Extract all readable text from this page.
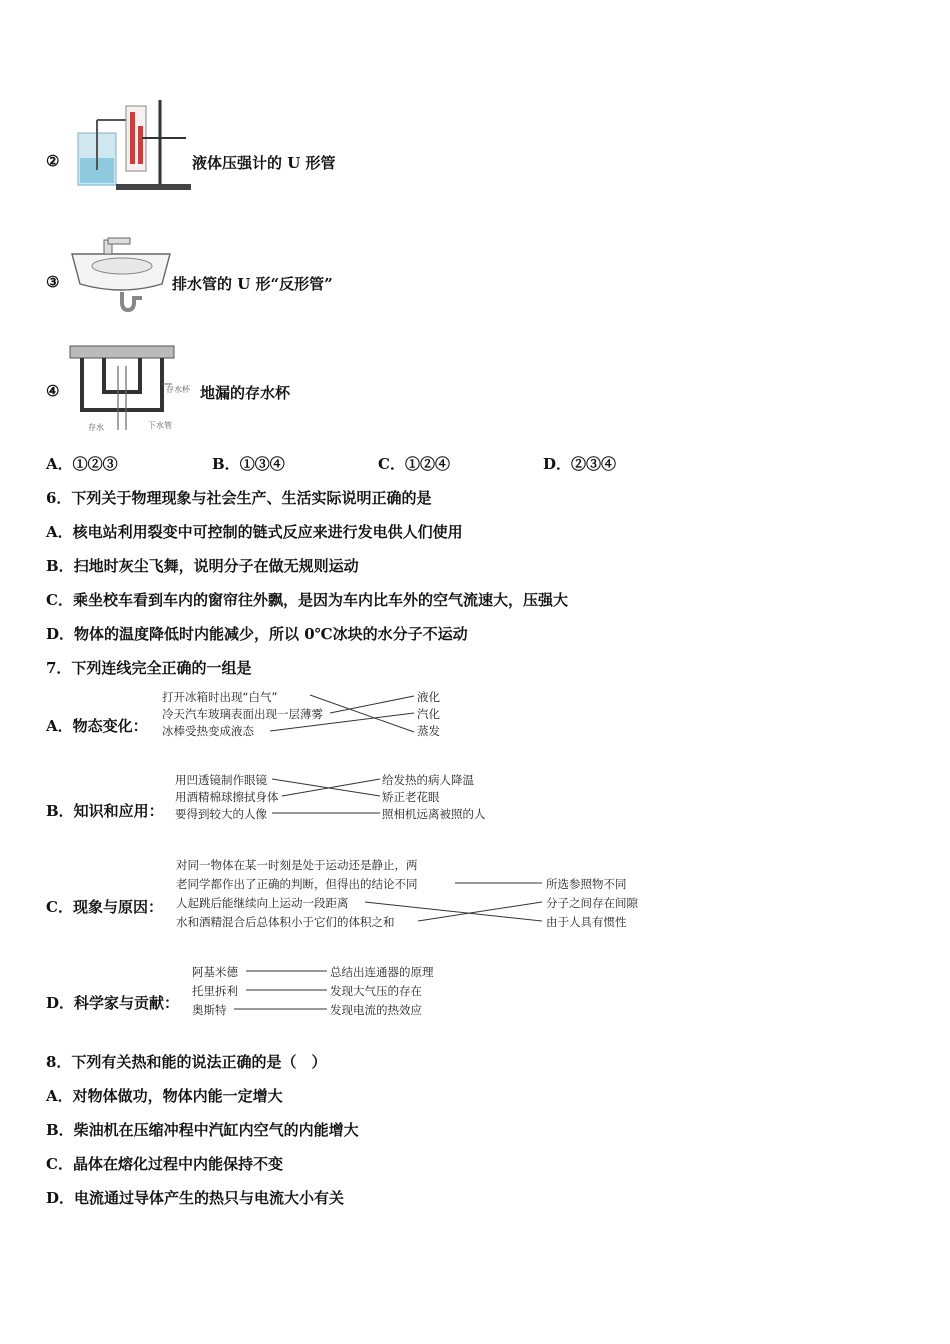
②	液体压强计的 U 形管
③	排水管的 U 形“反形管”
④
存水	下水管
存水杯 地漏的存水杯
A．①②③	B．①③④	C．①②④	D．②③④
6．下列关于物理现象与社会生产、生活实际说明正确的是
A．核电站利用裂变中可控制的链式反应来进行发电供人们使用
B．扫地时灰尘飞舞，说明分子在做无规则运动
C．乘坐校车看到车内的窗帘往外飘，是因为车内比车外的空气流速大，压强大
D．物体的温度降低时内能减少，所以 0℃冰块的水分子不运动
7．下列连线完全正确的一组是
A．物态变化：
打开冰箱时出现“白气”
冷天汽车玻璃表面出现一层薄雾
冰棒受热变成液态
液化
汽化
蒸发
B．知识和应用：
用凹透镜制作眼镜
用酒精棉球擦拭身体
要得到较大的人像
给发热的病人降温
矫正老花眼
照相机远离被照的人
C．现象与原因：
对同一物体在某一时刻是处于运动还是静止，两
老同学都作出了正确的判断，但得出的结论不同
人起跳后能继续向上运动一段距离
水和酒精混合后总体积小于它们的体积之和
所选参照物不同
分子之间存在间隙
由于人具有惯性
D．科学家与贡献：
阿基米德
托里拆利
奥斯特
总结出连通器的原理
发现大气压的存在
发现电流的热效应
8．下列有关热和能的说法正确的是（　）
A．对物体做功，物体内能一定增大
B．柴油机在压缩冲程中汽缸内空气的内能增大
C．晶体在熔化过程中内能保持不变
D．电流通过导体产生的热只与电流大小有关
